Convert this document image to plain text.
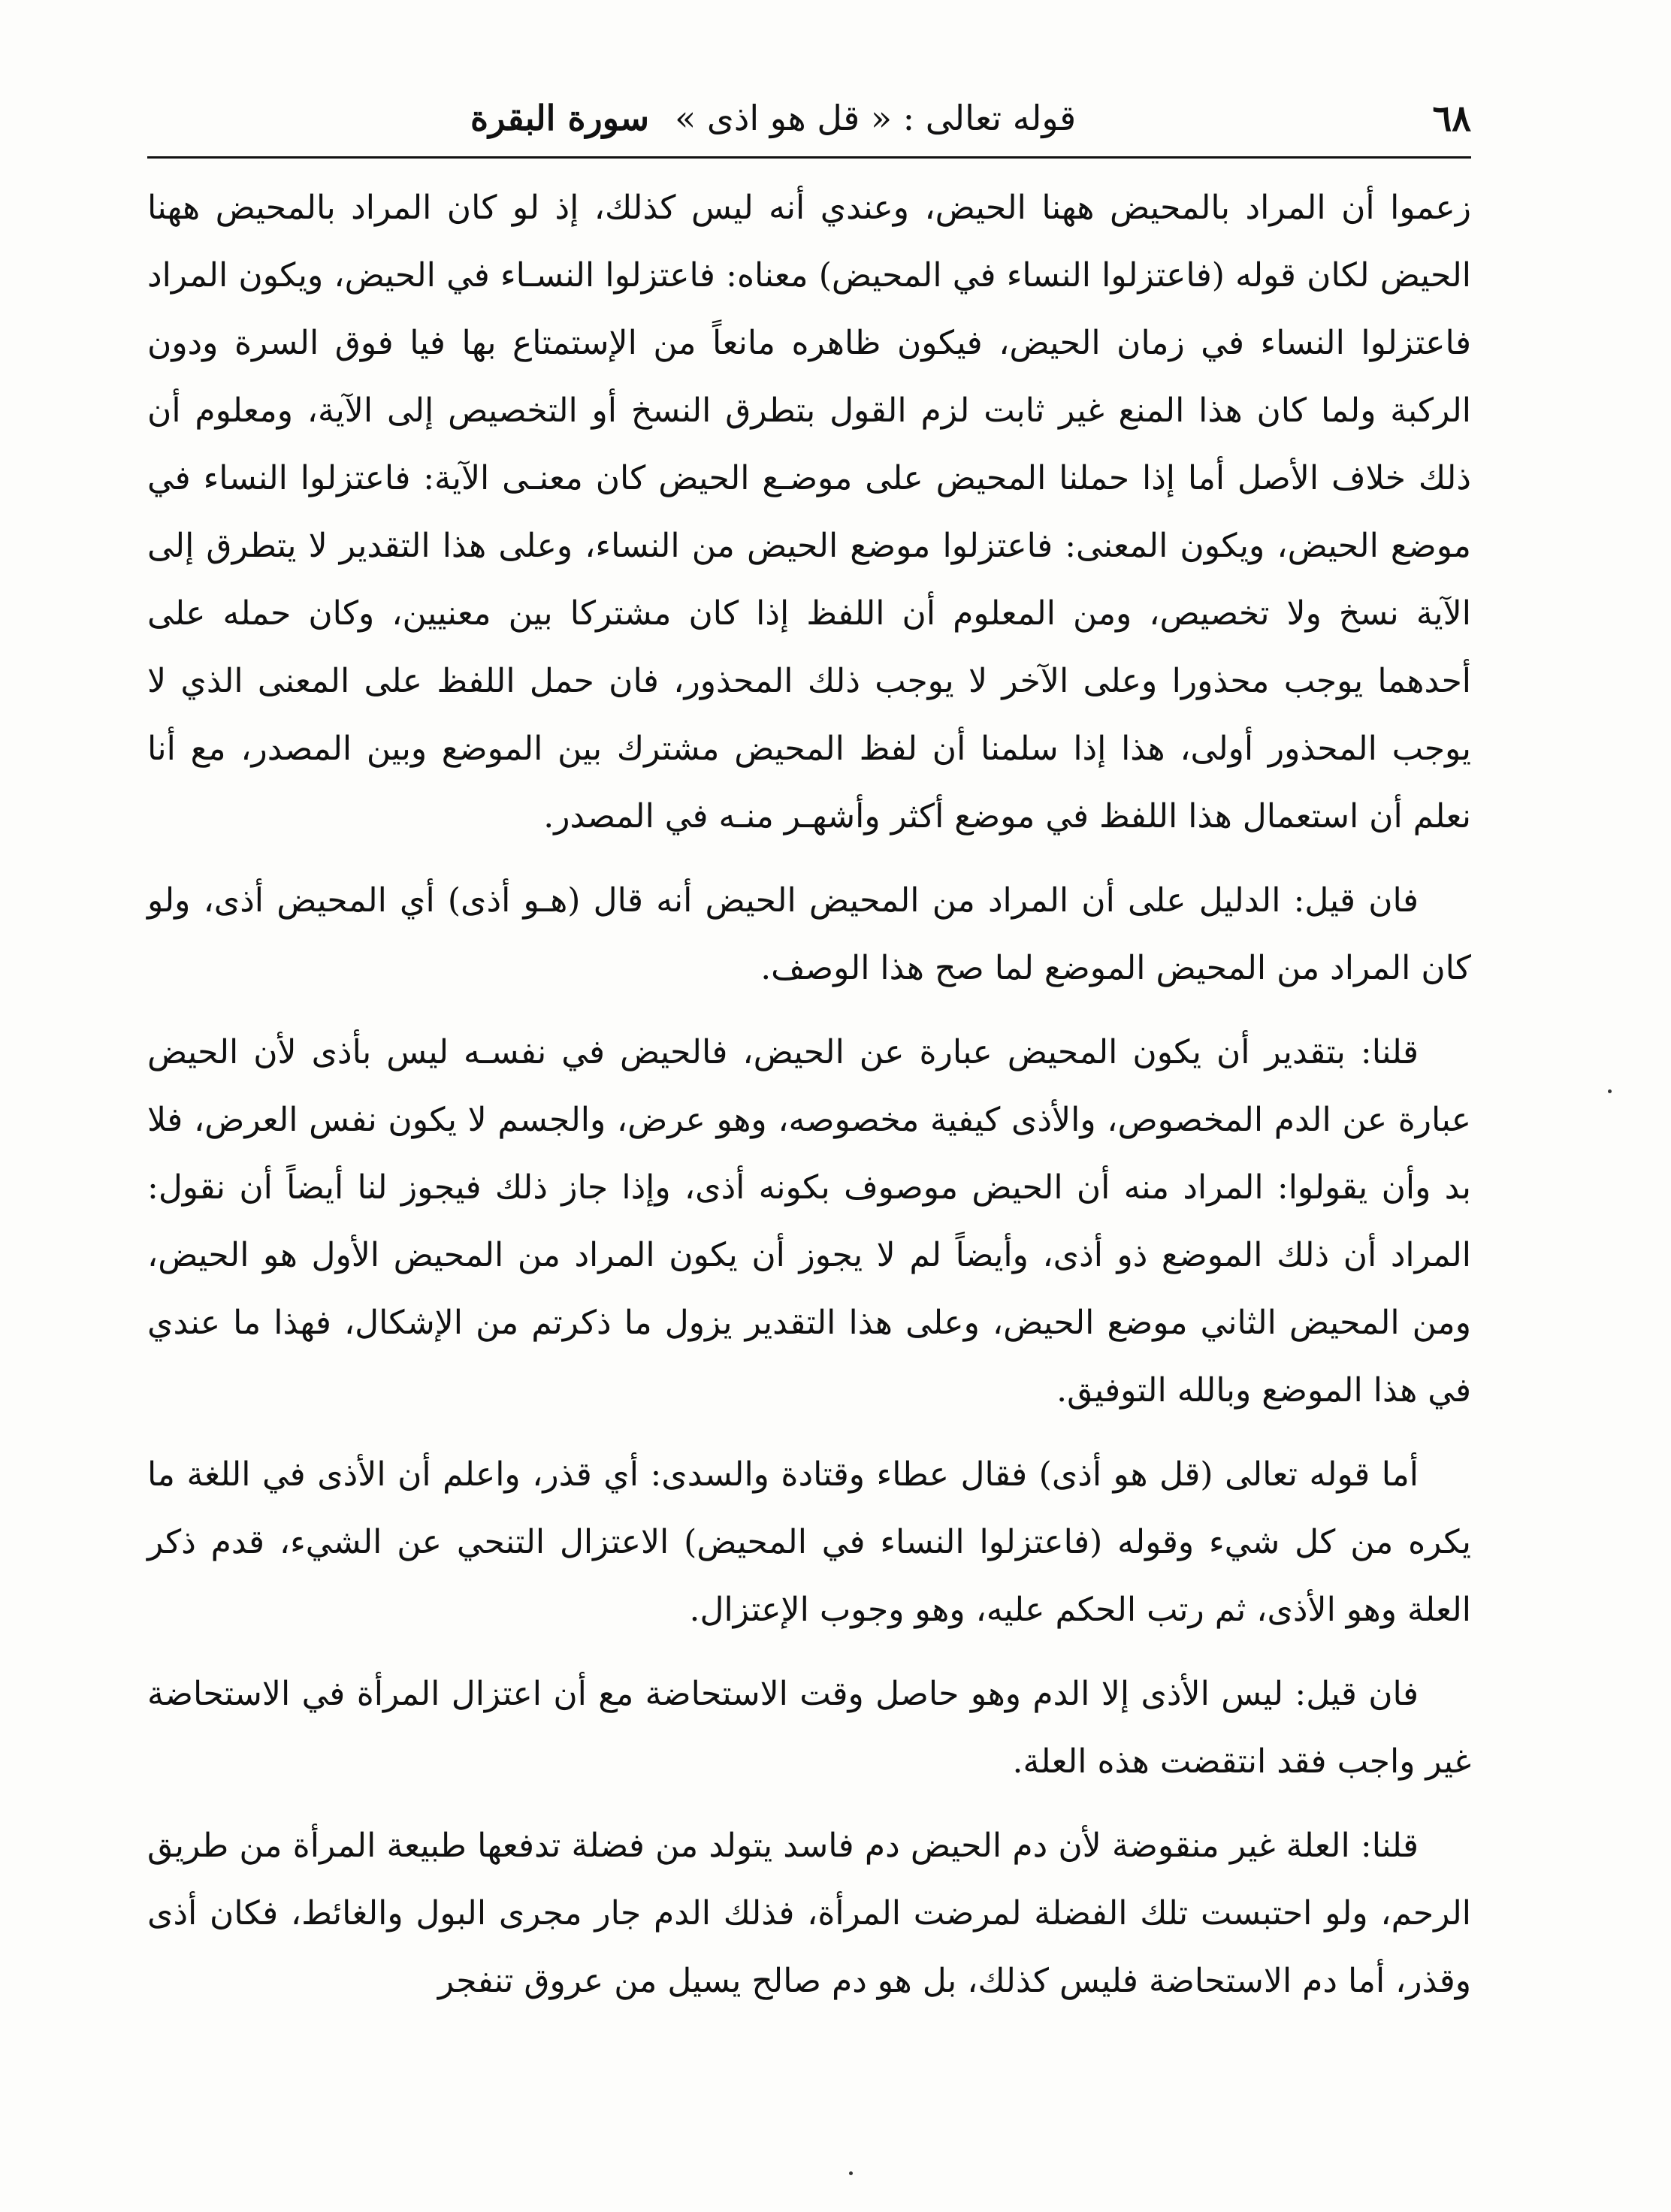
٦٨
قوله تعالى : « قل هو اذى »
سورة البقرة

زعموا أن المراد بالمحيض ههنا الحيض، وعندي أنه ليس كذلك، إذ لو كان المراد بالمحيض ههنا الحيض لكان قوله (فاعتزلوا النساء في المحيض) معناه: فاعتزلوا النسـاء في الحيض، ويكون المراد فاعتزلوا النساء في زمان الحيض، فيكون ظاهره مانعاً من الإستمتاع بها فيا فوق السرة ودون الركبة ولما كان هذا المنع غير ثابت لزم القول بتطرق النسخ أو التخصيص إلى الآية، ومعلوم أن ذلك خلاف الأصل أما إذا حملنا المحيض على موضـع الحيض كان معنـى الآية: فاعتزلوا النساء في موضع الحيض، ويكون المعنى: فاعتزلوا موضع الحيض من النساء، وعلى هذا التقدير لا يتطرق إلى الآية نسخ ولا تخصيص، ومن المعلوم أن اللفظ إذا كان مشتركا بين معنيين، وكان حمله على أحدهما يوجب محذورا وعلى الآخر لا يوجب ذلك المحذور، فان حمل اللفظ على المعنى الذي لا يوجب المحذور أولى، هذا إذا سلمنا أن لفظ المحيض مشترك بين الموضع وبين المصدر، مع أنا نعلم أن استعمال هذا اللفظ في موضع أكثر وأشهـر منـه في المصدر.

فان قيل: الدليل على أن المراد من المحيض الحيض أنه قال (هـو أذى) أي المحيض أذى، ولو كان المراد من المحيض الموضع لما صح هذا الوصف.

قلنا: بتقدير أن يكون المحيض عبارة عن الحيض، فالحيض في نفسـه ليس بأذى لأن الحيض عبارة عن الدم المخصوص، والأذى كيفية مخصوصه، وهو عرض، والجسم لا يكون نفس العرض، فلا بد وأن يقولوا: المراد منه أن الحيض موصوف بكونه أذى، وإذا جاز ذلك فيجوز لنا أيضاً أن نقول: المراد أن ذلك الموضع ذو أذى، وأيضاً لم لا يجوز أن يكون المراد من المحيض الأول هو الحيض، ومن المحيض الثاني موضع الحيض، وعلى هذا التقدير يزول ما ذكرتم من الإشكال، فهذا ما عندي في هذا الموضع وبالله التوفيق.

أما قوله تعالى (قل هو أذى) فقال عطاء وقتادة والسدى: أي قذر، واعلم أن الأذى في اللغة ما يكره من كل شيء وقوله (فاعتزلوا النساء في المحيض) الاعتزال التنحي عن الشيء، قدم ذكر العلة وهو الأذى، ثم رتب الحكم عليه، وهو وجوب الإعتزال.

فان قيل: ليس الأذى إلا الدم وهو حاصل وقت الاستحاضة مع أن اعتزال المرأة في الاستحاضة غير واجب فقد انتقضت هذه العلة.

قلنا: العلة غير منقوضة لأن دم الحيض دم فاسد يتولد من فضلة تدفعها طبيعة المرأة من طريق الرحم، ولو احتبست تلك الفضلة لمرضت المرأة، فذلك الدم جار مجرى البول والغائط، فكان أذى وقذر، أما دم الاستحاضة فليس كذلك، بل هو دم صالح يسيل من عروق تنفجر
